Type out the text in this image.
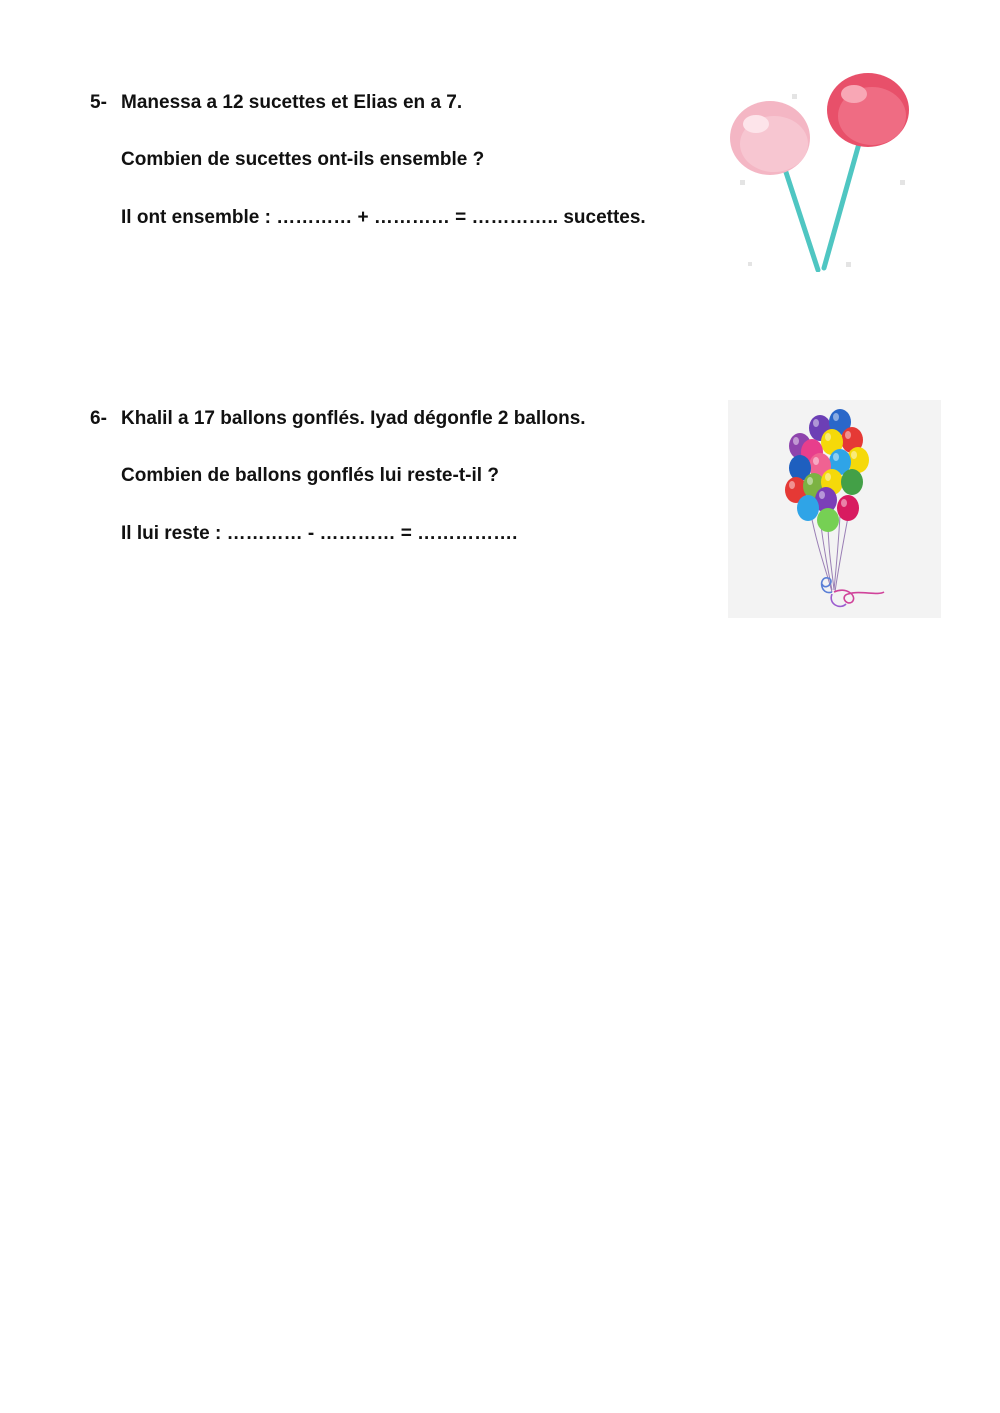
5- Manessa a 12 sucettes et Elias en a 7.
Combien de sucettes ont-ils ensemble ?
Il ont ensemble : ………… + ………… = ………….. sucettes.
6- Khalil a 17 ballons gonflés. Iyad dégonfle 2 ballons.
Combien de ballons gonflés lui reste-t-il ?
Il lui reste : ………… - ………… = …………….
